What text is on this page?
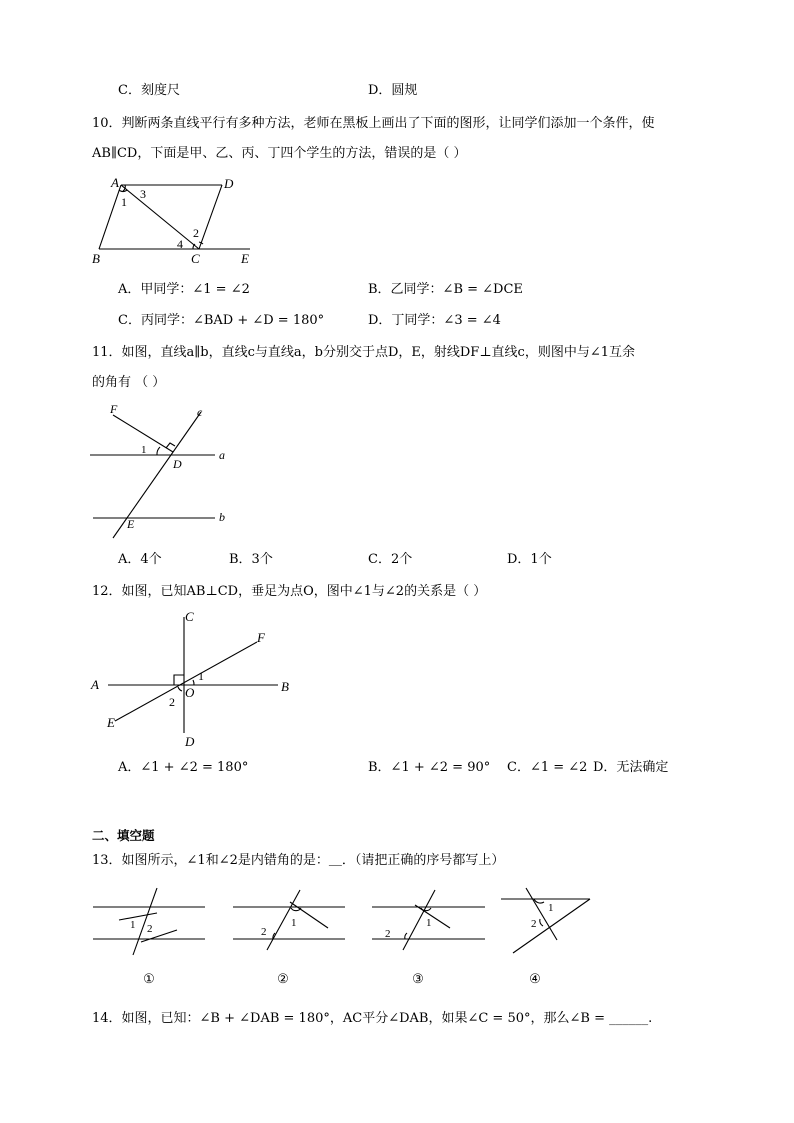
C．刻度尺	D．圆规
10．判断两条直线平行有多种方法，老师在黑板上画出了下面的图形，让同学们添加一个条件，使
AB∥CD，下面是甲、乙、丙、丁四个学生的方法，错误的是（ ）
A	D
B	C	E
1
2
3
4
A．甲同学：∠1 = ∠2	B．乙同学：∠B = ∠DCE
C．丙同学：∠BAD + ∠D = 180°	D．丁同学：∠3 = ∠4
11．如图，直线a∥b，直线c与直线a，b分别交于点D，E，射线DF⊥直线c，则图中与∠1互余
的角有 （ ）
F	c
D
a
E	b
1
A．4个	B．3个	C．2个	D．1个
12．如图，已知AB⊥CD，垂足为点O，图中∠1与∠2的关系是（ ）
C
F
A
O	B
E
D
1
2
A．∠1 + ∠2 = 180°	B．∠1 + ∠2 = 90° C．∠1 = ∠2 D．无法确定
二、填空题
13．如图所示，∠1和∠2是内错角的是：＿．（请把正确的序号都写上）
1 2
①
1
2
②
1
2
③
1
2
④
14．如图，已知：∠B + ∠DAB = 180°，AC平分∠DAB，如果∠C = 50°，那么∠B = ______.
